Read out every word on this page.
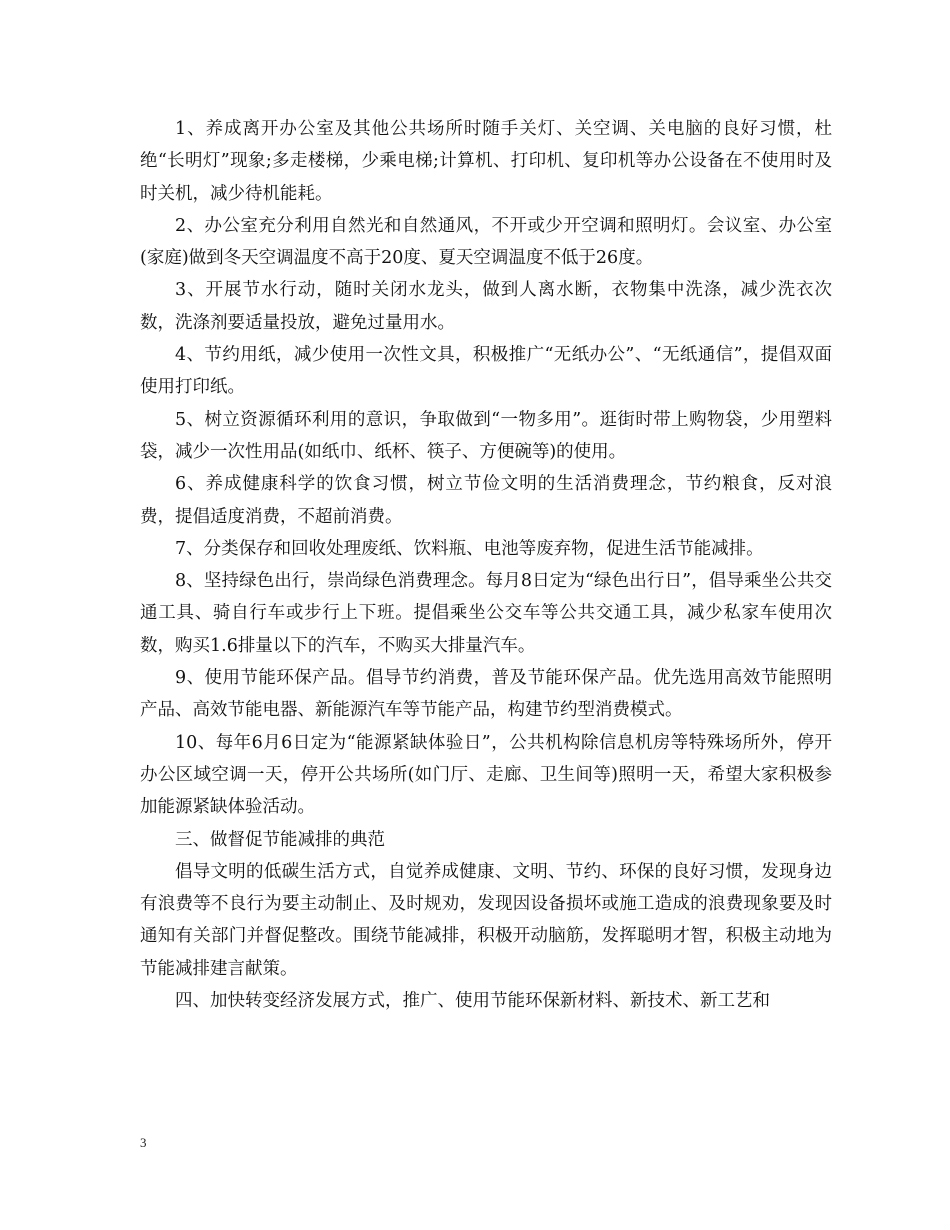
1、养成离开办公室及其他公共场所时随手关灯、关空调、关电脑的良好习惯，杜绝“长明灯”现象;多走楼梯，少乘电梯;计算机、打印机、复印机等办公设备在不使用时及时关机，减少待机能耗。

2、办公室充分利用自然光和自然通风，不开或少开空调和照明灯。会议室、办公室(家庭)做到冬天空调温度不高于20度、夏天空调温度不低于26度。

3、开展节水行动，随时关闭水龙头，做到人离水断，衣物集中洗涤，减少洗衣次数，洗涤剂要适量投放，避免过量用水。

4、节约用纸，减少使用一次性文具，积极推广“无纸办公”、“无纸通信”，提倡双面使用打印纸。

5、树立资源循环利用的意识，争取做到“一物多用”。逛街时带上购物袋，少用塑料袋，减少一次性用品(如纸巾、纸杯、筷子、方便碗等)的使用。

6、养成健康科学的饮食习惯，树立节俭文明的生活消费理念，节约粮食，反对浪费，提倡适度消费，不超前消费。

7、分类保存和回收处理废纸、饮料瓶、电池等废弃物，促进生活节能减排。

8、坚持绿色出行，崇尚绿色消费理念。每月8日定为“绿色出行日”，倡导乘坐公共交通工具、骑自行车或步行上下班。提倡乘坐公交车等公共交通工具，减少私家车使用次数，购买1.6排量以下的汽车，不购买大排量汽车。

9、使用节能环保产品。倡导节约消费，普及节能环保产品。优先选用高效节能照明产品、高效节能电器、新能源汽车等节能产品，构建节约型消费模式。

10、每年6月6日定为“能源紧缺体验日”，公共机构除信息机房等特殊场所外，停开办公区域空调一天，停开公共场所(如门厅、走廊、卫生间等)照明一天，希望大家积极参加能源紧缺体验活动。

三、做督促节能减排的典范

倡导文明的低碳生活方式，自觉养成健康、文明、节约、环保的良好习惯，发现身边有浪费等不良行为要主动制止、及时规劝，发现因设备损坏或施工造成的浪费现象要及时通知有关部门并督促整改。围绕节能减排，积极开动脑筋，发挥聪明才智，积极主动地为节能减排建言献策。

四、加快转变经济发展方式，推广、使用节能环保新材料、新技术、新工艺和

3
